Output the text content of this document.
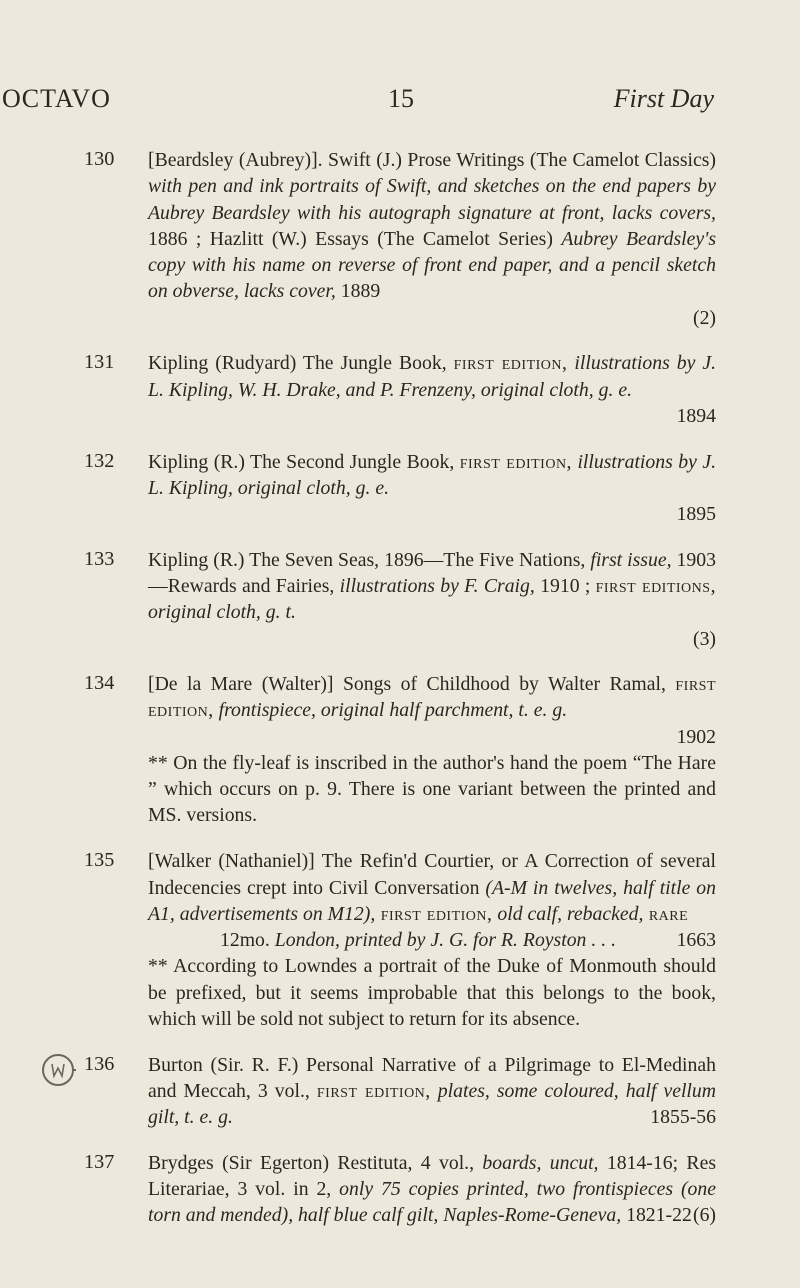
OCTAVO	15	First Day
130 [Beardsley (Aubrey)]. Swift (J.) Prose Writings (The Camelot Classics) with pen and ink portraits of Swift, and sketches on the end papers by Aubrey Beardsley with his autograph signature at front, lacks covers, 1886 ; Hazlitt (W.) Essays (The Camelot Series) Aubrey Beardsley's copy with his name on reverse of front end paper, and a pencil sketch on obverse, lacks cover, 1889
(2)

131 Kipling (Rudyard) The Jungle Book, first edition, illustrations by J. L. Kipling, W. H. Drake, and P. Frenzeny, original cloth, g. e.
1894

132 Kipling (R.) The Second Jungle Book, first edition, illustrations by J. L. Kipling, original cloth, g. e.
1895

133 Kipling (R.) The Seven Seas, 1896—The Five Nations, first issue, 1903—Rewards and Fairies, illustrations by F. Craig, 1910 ; first editions, original cloth, g. t.
(3)

134 [De la Mare (Walter)] Songs of Childhood by Walter Ramal, first edition, frontispiece, original half parchment, t. e. g.
1902

** On the fly-leaf is inscribed in the author's hand the poem “The Hare ” which occurs on p. 9. There is one variant between the printed and MS. versions.

135 [Walker (Nathaniel)] The Refin'd Courtier, or A Correction of several Indecencies crept into Civil Conversation (A-M in twelves, half title on A1, advertisements on M12), first edition, old calf, rebacked, rare

12mo. London, printed by J. G. for R. Royston . . .	1663

** According to Lowndes a portrait of the Duke of Monmouth should be prefixed, but it seems improbable that this belongs to the book, which will be sold not subject to return for its absence.

136 Burton (Sir. R. F.) Personal Narrative of a Pilgrimage to El-Medinah and Meccah, 3 vol., first edition, plates, some coloured, half vellum gilt, t. e. g.	1855-56

137 Brydges (Sir Egerton) Restituta, 4 vol., boards, uncut, 1814-16; Res Literariae, 3 vol. in 2, only 75 copies printed, two frontispieces (one torn and mended), half blue calf gilt, Naples-Rome-Geneva, 1821-22 (6)
